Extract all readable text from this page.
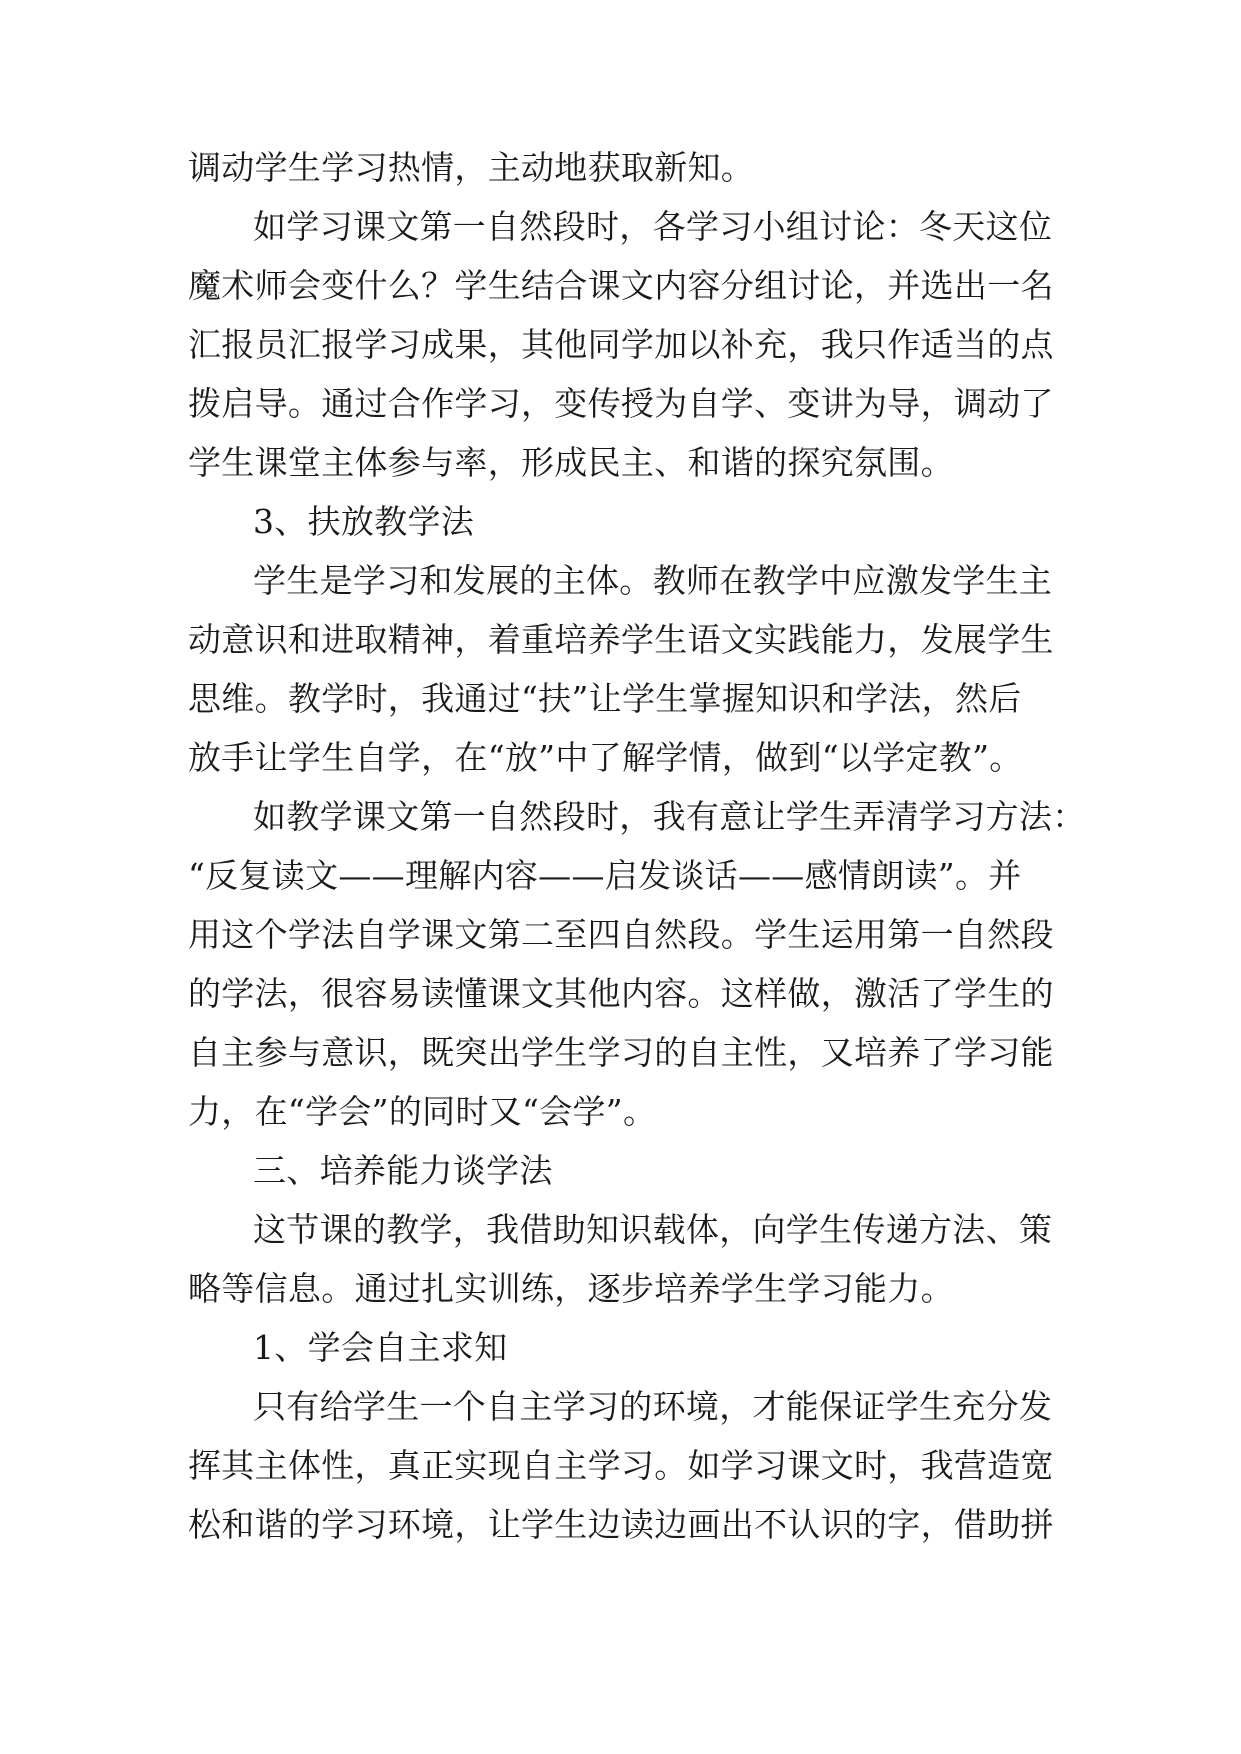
调动学生学习热情，主动地获取新知。
如学习课文第一自然段时，各学习小组讨论：冬天这位
魔术师会变什么？学生结合课文内容分组讨论，并选出一名
汇报员汇报学习成果，其他同学加以补充，我只作适当的点
拨启导。通过合作学习，变传授为自学、变讲为导，调动了
学生课堂主体参与率，形成民主、和谐的探究氛围。
3、扶放教学法
学生是学习和发展的主体。教师在教学中应激发学生主
动意识和进取精神，着重培养学生语文实践能力，发展学生
思维。教学时，我通过“扶”让学生掌握知识和学法，然后
放手让学生自学，在“放”中了解学情，做到“以学定教”。
如教学课文第一自然段时，我有意让学生弄清学习方法：
“反复读文——理解内容——启发谈话——感情朗读”。并
用这个学法自学课文第二至四自然段。学生运用第一自然段
的学法，很容易读懂课文其他内容。这样做，激活了学生的
自主参与意识，既突出学生学习的自主性，又培养了学习能
力，在“学会”的同时又“会学”。
三、培养能力谈学法
这节课的教学，我借助知识载体，向学生传递方法、策
略等信息。通过扎实训练，逐步培养学生学习能力。
1、学会自主求知
只有给学生一个自主学习的环境，才能保证学生充分发
挥其主体性，真正实现自主学习。如学习课文时，我营造宽
松和谐的学习环境，让学生边读边画出不认识的字，借助拼
